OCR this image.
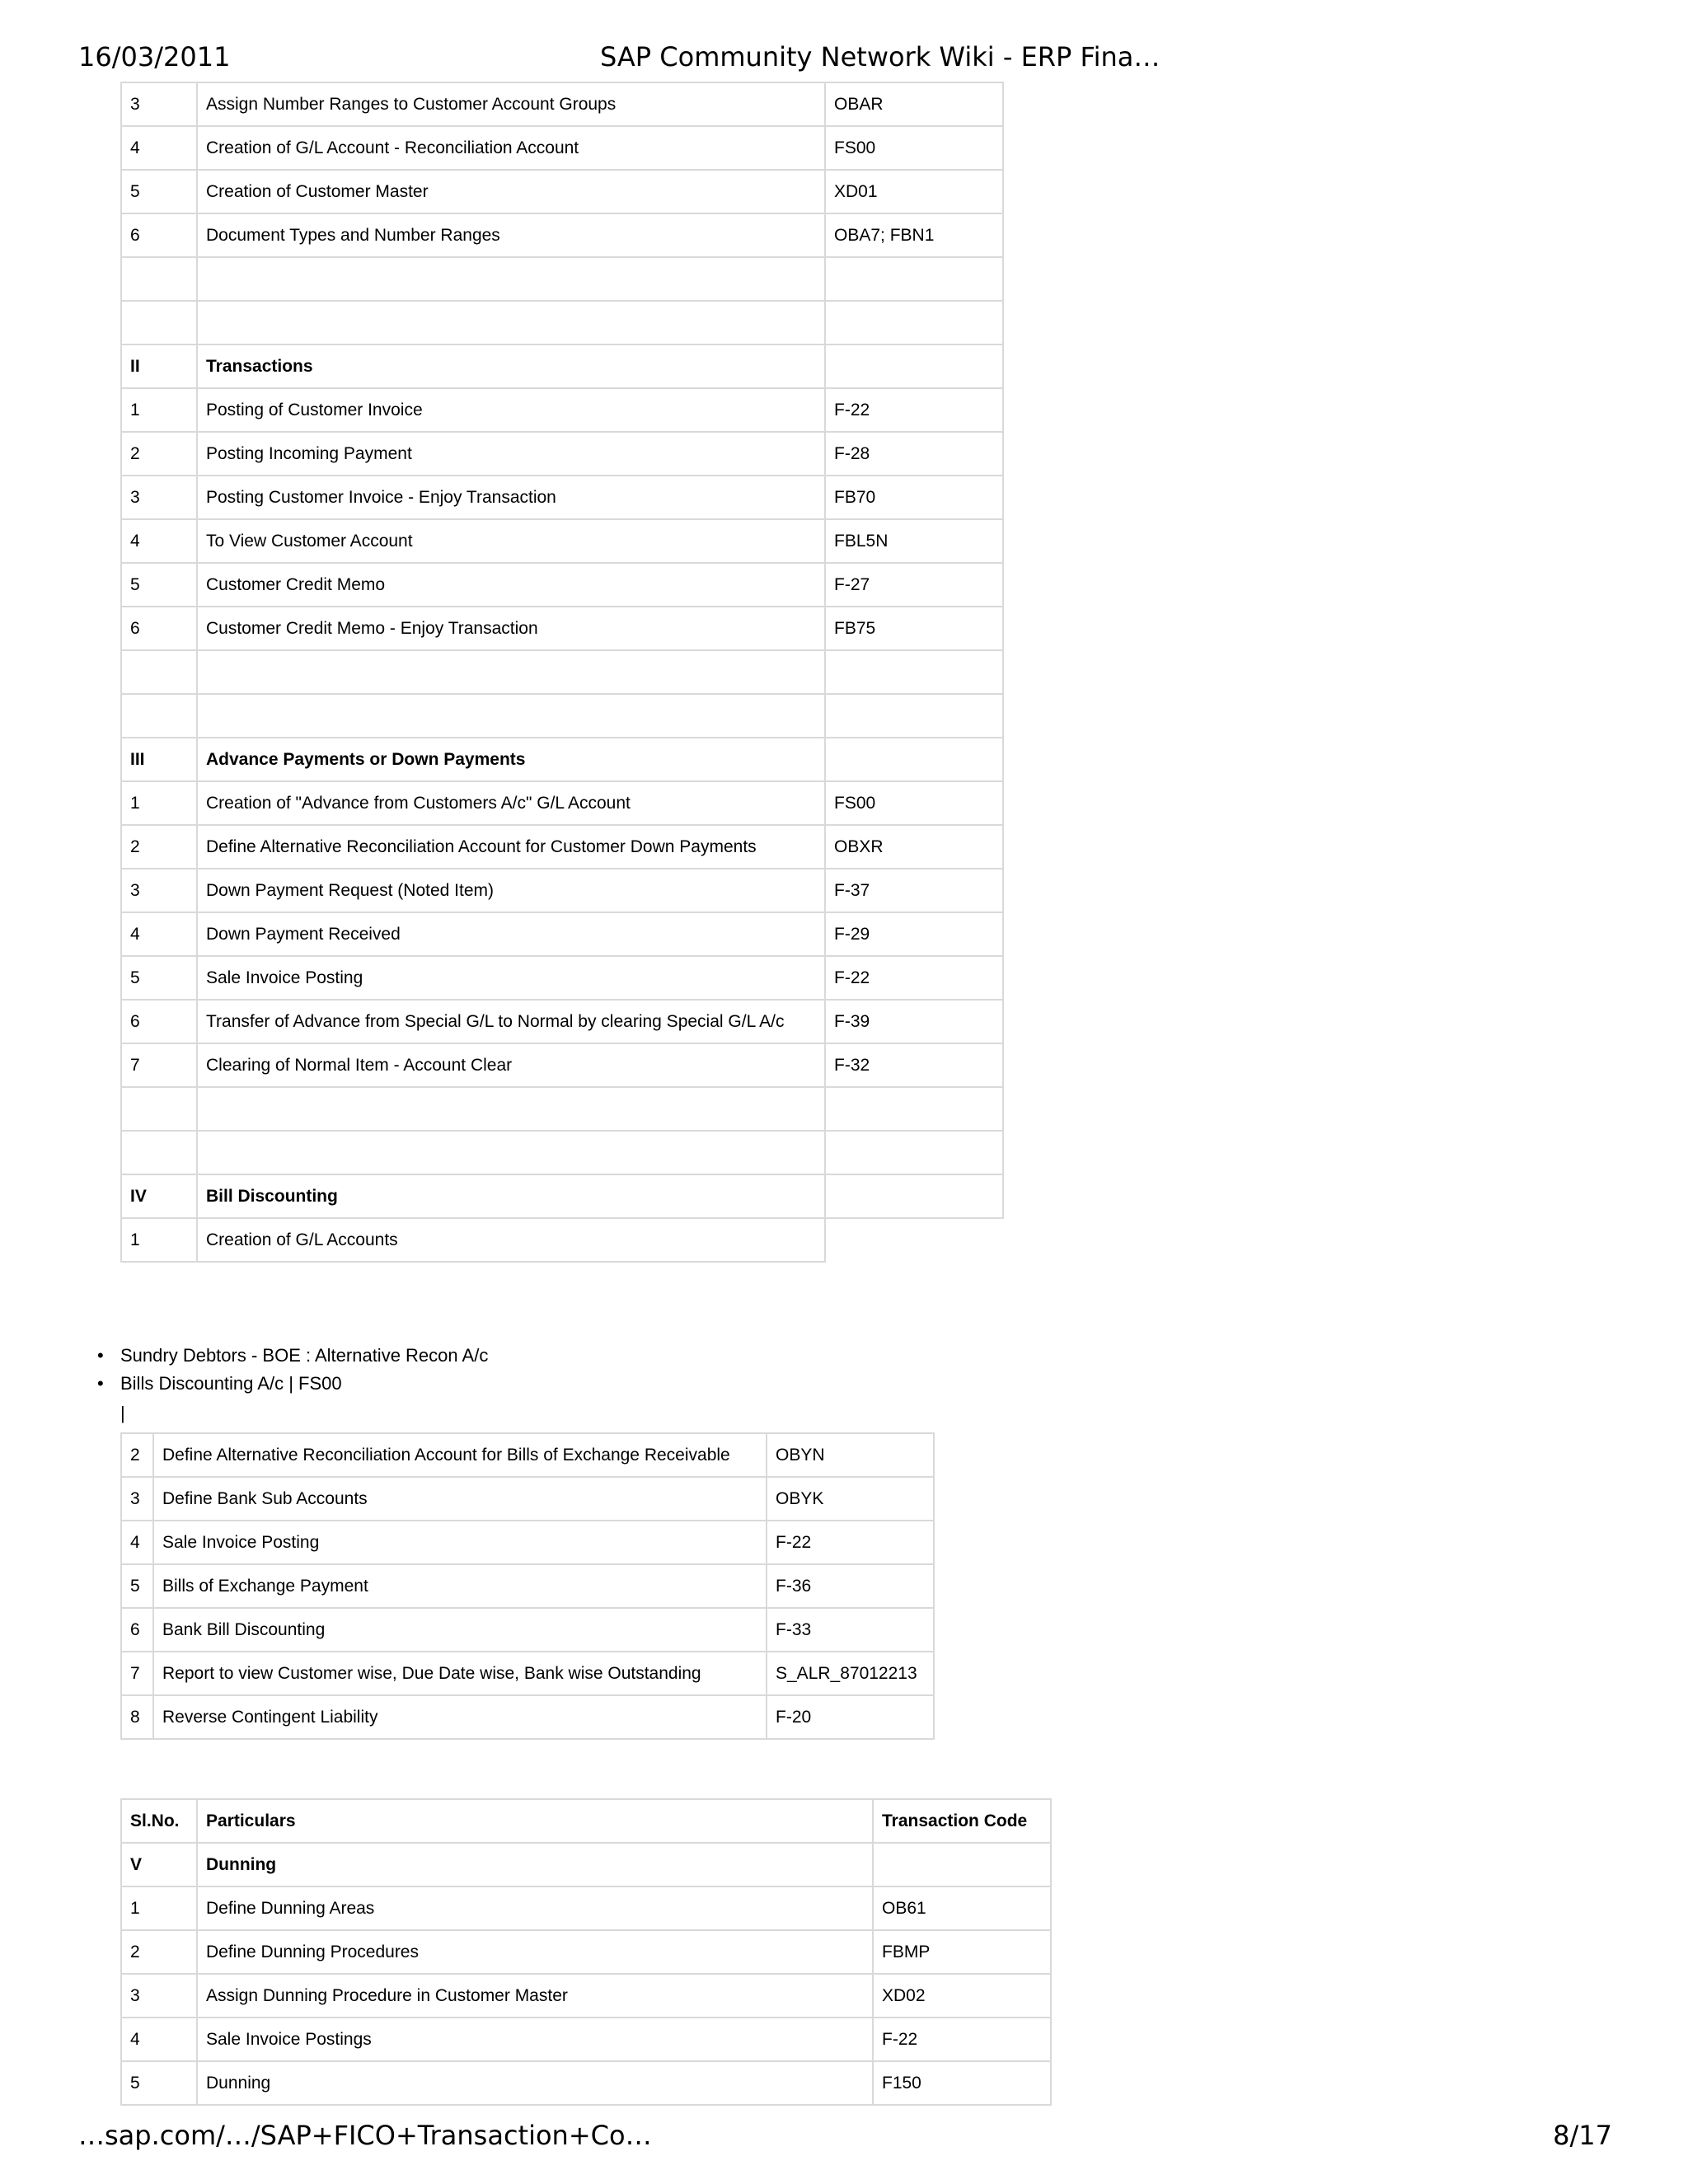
16/03/2011	SAP Community Network Wiki - ERP Fina…
3	Assign Number Ranges to Customer Account Groups	OBAR
4	Creation of G/L Account - Reconciliation Account	FS00
5	Creation of Customer Master	XD01
6	Document Types and Number Ranges	OBA7; FBN1

II	Transactions	
1	Posting of Customer Invoice	F-22
2	Posting Incoming Payment	F-28
3	Posting Customer Invoice - Enjoy Transaction	FB70
4	To View Customer Account	FBL5N
5	Customer Credit Memo	F-27
6	Customer Credit Memo - Enjoy Transaction	FB75

III	Advance Payments or Down Payments	
1	Creation of "Advance from Customers A/c" G/L Account	FS00
2	Define Alternative Reconciliation Account for Customer Down Payments	OBXR
3	Down Payment Request (Noted Item)	F-37
4	Down Payment Received	F-29
5	Sale Invoice Posting	F-22
6	Transfer of Advance from Special G/L to Normal by clearing Special G/L A/c	F-39
7	Clearing of Normal Item - Account Clear	F-32

IV	Bill Discounting	
1	Creation of G/L Accounts	
• Sundry Debtors - BOE : Alternative Recon A/c
• Bills Discounting A/c | FS00
|
2	Define Alternative Reconciliation Account for Bills of Exchange Receivable	OBYN
3	Define Bank Sub Accounts	OBYK
4	Sale Invoice Posting	F-22
5	Bills of Exchange Payment	F-36
6	Bank Bill Discounting	F-33
7	Report to view Customer wise, Due Date wise, Bank wise Outstanding	S_ALR_87012213
8	Reverse Contingent Liability	F-20
Sl.No.	Particulars	Transaction Code
V	Dunning	
1	Define Dunning Areas	OB61
2	Define Dunning Procedures	FBMP
3	Assign Dunning Procedure in Customer Master	XD02
4	Sale Invoice Postings	F-22
5	Dunning	F150
…sap.com/…/SAP+FICO+Transaction+Co…	8/17
